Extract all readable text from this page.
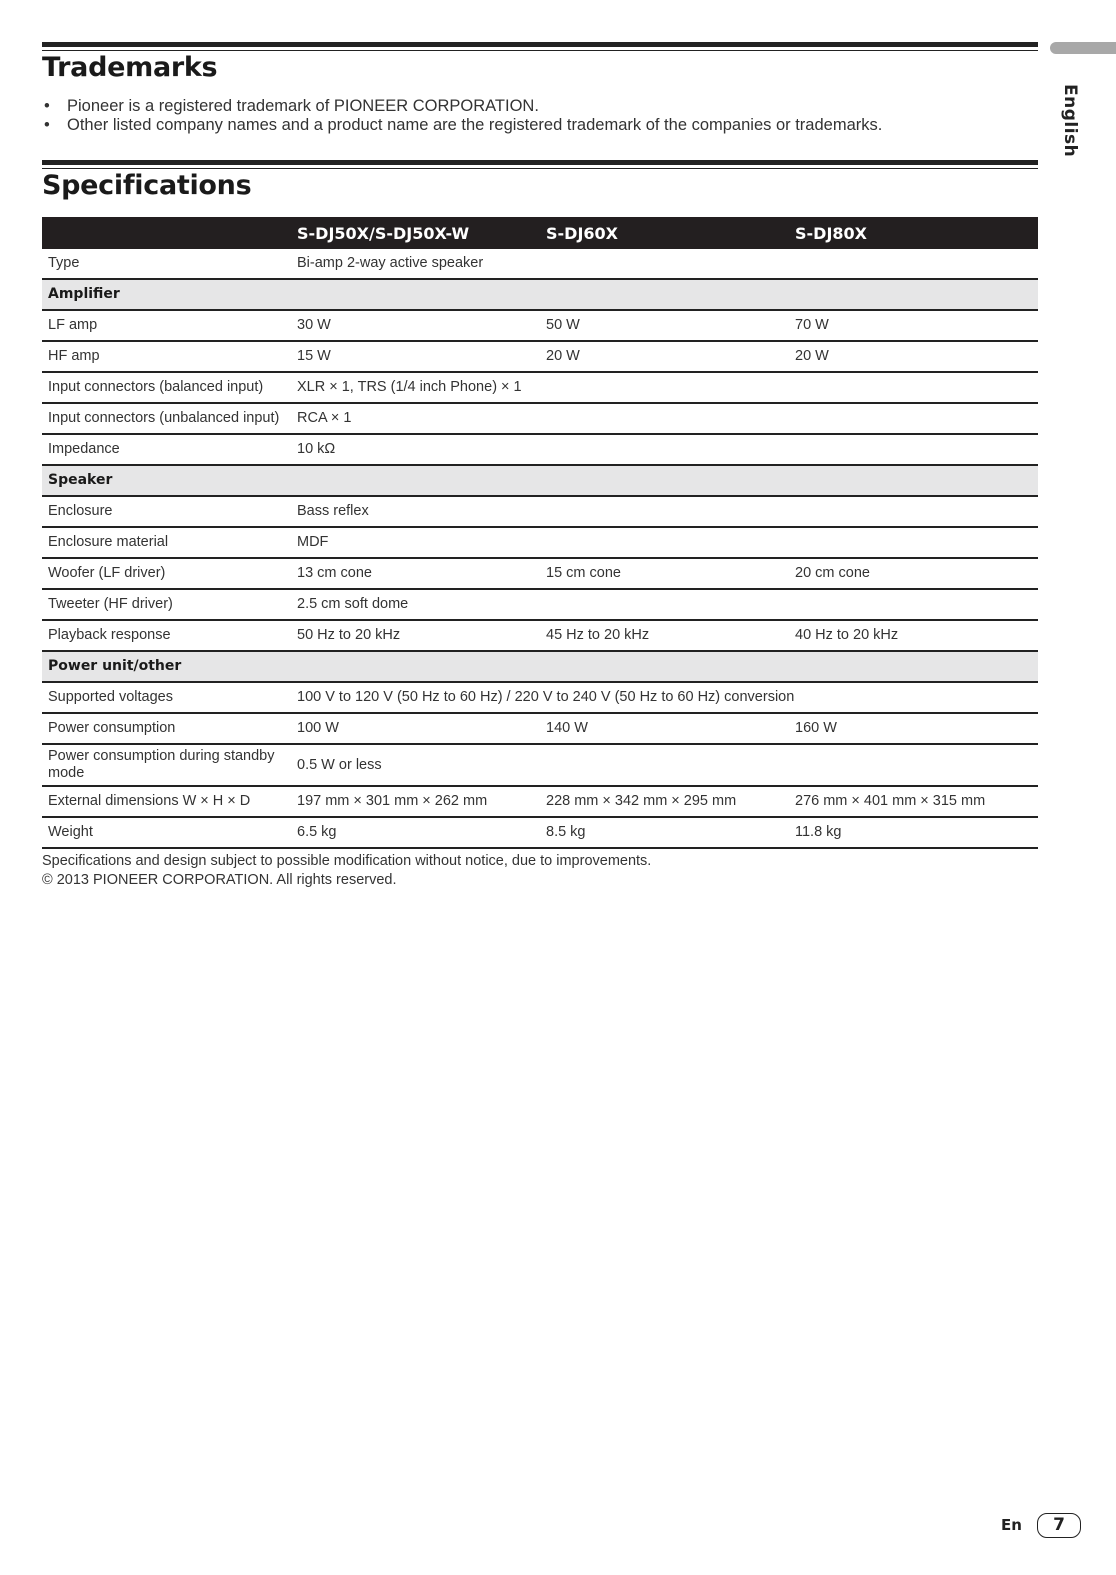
English
Trademarks
• Pioneer is a registered trademark of PIONEER CORPORATION.
• Other listed company names and a product name are the registered trademark of the companies or trademarks.
Specifications
	S-DJ50X/S-DJ50X-W	S-DJ60X	S-DJ80X
Type	Bi-amp 2-way active speaker		
Amplifier			
LF amp	30 W	50 W	70 W
HF amp	15 W	20 W	20 W
Input connectors (balanced input)	XLR × 1, TRS (1/4 inch Phone) × 1		
Input connectors (unbalanced input)	RCA × 1		
Impedance	10 kΩ		
Speaker			
Enclosure	Bass reflex		
Enclosure material	MDF		
Woofer (LF driver)	13 cm cone	15 cm cone	20 cm cone
Tweeter (HF driver)	2.5 cm soft dome		
Playback response	50 Hz to 20 kHz	45 Hz to 20 kHz	40 Hz to 20 kHz
Power unit/other			
Supported voltages	100 V to 120 V (50 Hz to 60 Hz) / 220 V to 240 V (50 Hz to 60 Hz) conversion		
Power consumption	100 W	140 W	160 W
Power consumption during standby mode	0.5 W or less		
External dimensions W × H × D	197 mm × 301 mm × 262 mm	228 mm × 342 mm × 295 mm	276 mm × 401 mm × 315 mm
Weight	6.5 kg	8.5 kg	11.8 kg
Specifications and design subject to possible modification without notice, due to improvements.
© 2013 PIONEER CORPORATION. All rights reserved.
En	7
